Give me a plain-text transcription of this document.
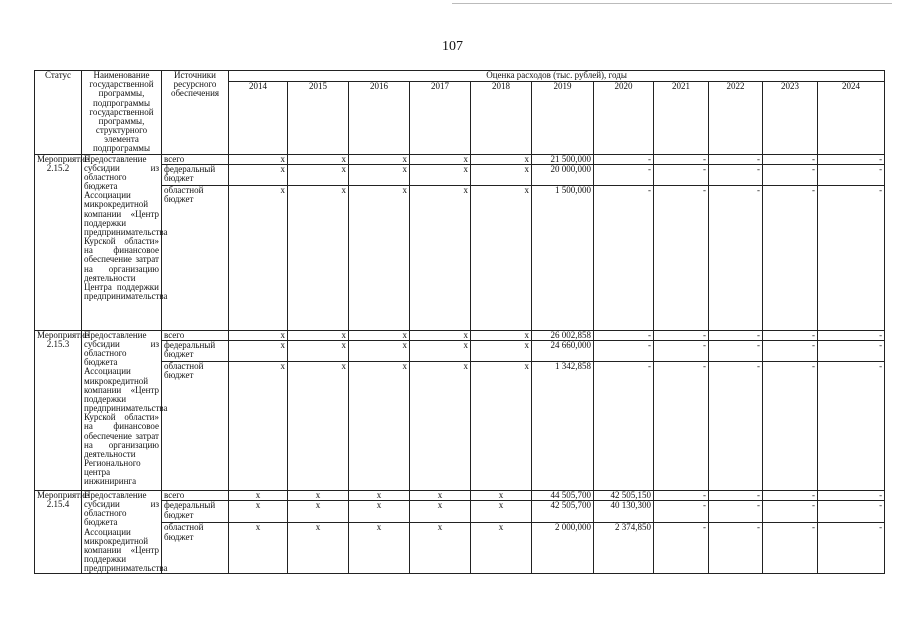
107
Статус	Наименование государственной программы, подпрограммы государственной программы, структурного элемента подпрограммы	Источники ресурсного обеспечения	Оценка расходов (тыс. рублей), годы										
			2014	2015	2016	2017	2018	2019	2020	2021	2022	2023	2024
Мероприятие 2.15.2	Предоставление субсидии из областного бюджета Ассоциации микрокредитной компании «Центр поддержки предпринимательства Курской области» на финансовое обеспечение затрат на организацию деятельности Центра поддержки предпринимательства	всего	x	x	x	x	x	21 500,000	-	-	-	-	-
		федеральный бюджет	x	x	x	x	x	20 000,000	-	-	-	-	-
		областной бюджет	x	x	x	x	x	1 500,000	-	-	-	-	-
Мероприятие 2.15.3	Предоставление субсидии из областного бюджета Ассоциации микрокредитной компании «Центр поддержки предпринимательства Курской области» на финансовое обеспечение затрат на организацию деятельности Регионального центра инжиниринга	всего	x	x	x	x	x	26 002,858	-	-	-	-	-
		федеральный бюджет	x	x	x	x	x	24 660,000	-	-	-	-	-
		областной бюджет	x	x	x	x	x	1 342,858	-	-	-	-	-
Мероприятие 2.15.4	Предоставление субсидии из областного бюджета Ассоциации микрокредитной компании «Центр поддержки предпринимательства	всего	x	x	x	x	x	44 505,700	42 505,150	-	-	-	-
		федеральный бюджет	x	x	x	x	x	42 505,700	40 130,300	-	-	-	-
		областной бюджет	x	x	x	x	x	2 000,000	2 374,850	-	-	-	-
